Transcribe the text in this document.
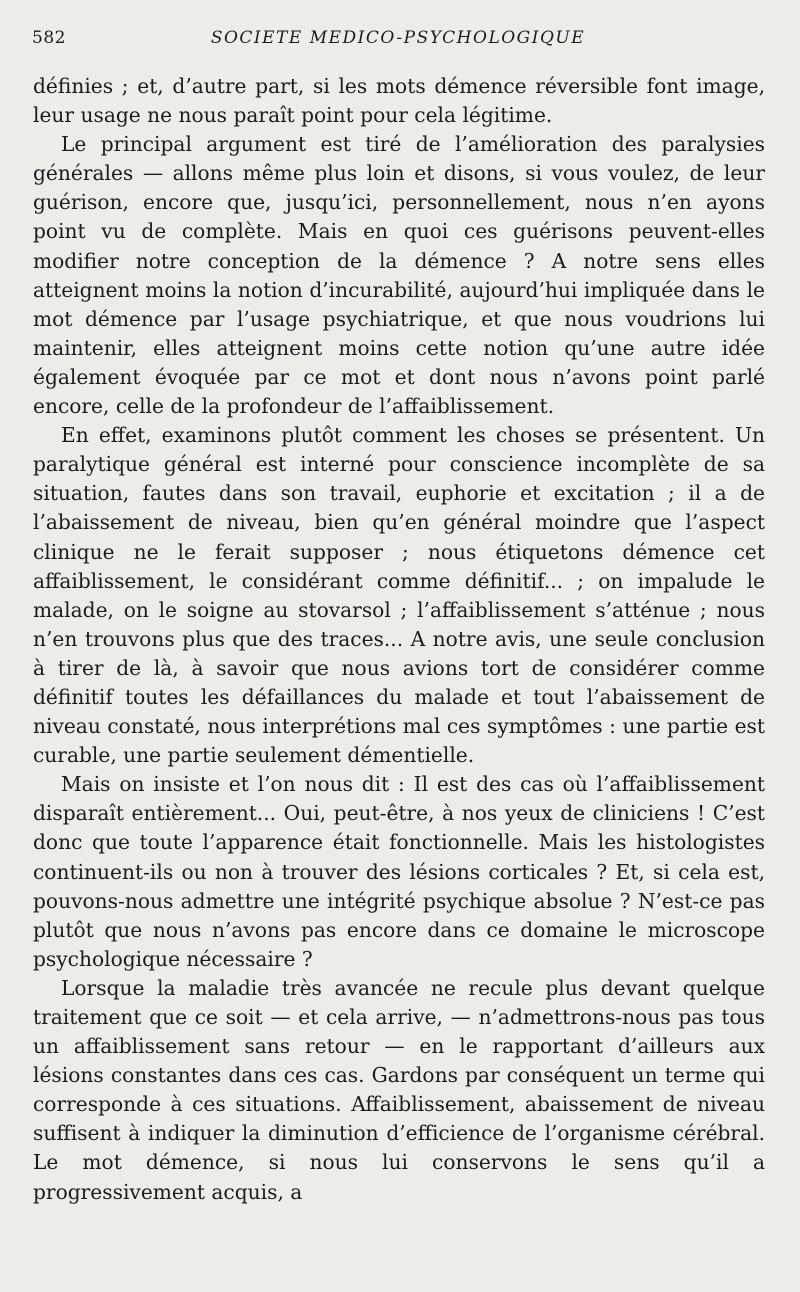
582	SOCIETE MEDICO-PSYCHOLOGIQUE

définies ; et, d’autre part, si les mots démence réversible font image, leur usage ne nous paraît point pour cela légitime.

Le principal argument est tiré de l’amélioration des paralysies générales — allons même plus loin et disons, si vous voulez, de leur guérison, encore que, jusqu’ici, personnellement, nous n’en ayons point vu de complète. Mais en quoi ces guérisons peuvent-elles modifier notre conception de la démence ? A notre sens elles atteignent moins la notion d’incurabilité, aujourd’hui impliquée dans le mot démence par l’usage psychiatrique, et que nous voudrions lui maintenir, elles atteignent moins cette notion qu’une autre idée également évoquée par ce mot et dont nous n’avons point parlé encore, celle de la profondeur de l’affaiblissement.

En effet, examinons plutôt comment les choses se présentent. Un paralytique général est interné pour conscience incomplète de sa situation, fautes dans son travail, euphorie et excitation ; il a de l’abaissement de niveau, bien qu’en général moindre que l’aspect clinique ne le ferait supposer ; nous étiquetons démence cet affaiblissement, le considérant comme définitif... ; on impalude le malade, on le soigne au stovarsol ; l’affaiblissement s’atténue ; nous n’en trouvons plus que des traces... A notre avis, une seule conclusion à tirer de là, à savoir que nous avions tort de considérer comme définitif toutes les défaillances du malade et tout l’abaissement de niveau constaté, nous interprétions mal ces symptômes : une partie est curable, une partie seulement démentielle.

Mais on insiste et l’on nous dit : Il est des cas où l’affaiblissement disparaît entièrement... Oui, peut-être, à nos yeux de cliniciens ! C’est donc que toute l’apparence était fonctionnelle. Mais les histologistes continuent-ils ou non à trouver des lésions corticales ? Et, si cela est, pouvons-nous admettre une intégrité psychique absolue ? N’est-ce pas plutôt que nous n’avons pas encore dans ce domaine le microscope psychologique nécessaire ?

Lorsque la maladie très avancée ne recule plus devant quelque traitement que ce soit — et cela arrive, — n’admettrons-nous pas tous un affaiblissement sans retour — en le rapportant d’ailleurs aux lésions constantes dans ces cas. Gardons par conséquent un terme qui corresponde à ces situations. Affaiblissement, abaissement de niveau suffisent à indiquer la diminution d’efficience de l’organisme cérébral. Le mot démence, si nous lui conservons le sens qu’il a progressivement acquis, a
